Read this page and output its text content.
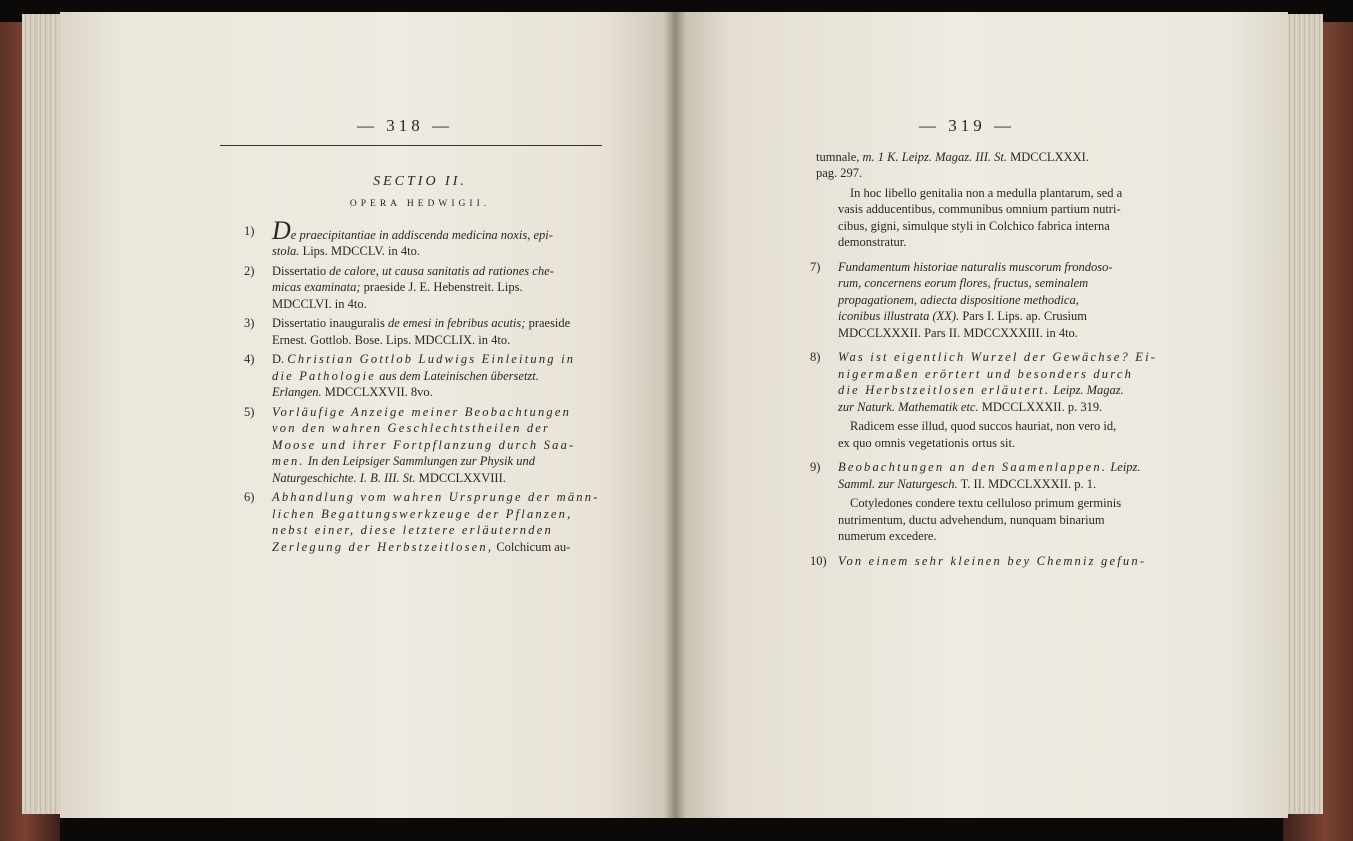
— 318 —
SECTIO II.
OPERA HEDWIGII.
1) De praecipitantiae in addiscenda medicina noxis, epi-
stola. Lips. MDCCLV. in 4to.
2)	Dissertatio de calore, ut causa sanitatis ad rationes che-
micas examinata; praeside J. E. Hebenstreit. Lips.
MDCCLVI. in 4to.
3)	Dissertatio inauguralis de emesi in febribus acutis; praeside
Ernest. Gottlob. Bose. Lips. MDCCLIX. in 4to.
4)	D. Christian Gottlob Ludwigs Einleitung in
die Pathologie aus dem Lateinischen übersetzt.
Erlangen. MDCCLXXVII. 8vo.
5)	Vorläufige Anzeige meiner Beobachtungen
von den wahren Geschlechtstheilen der
Moose und ihrer Fortpflanzung durch Saa-
men. In den Leipsiger Sammlungen zur Physik und
Naturgeschichte. I. B. III. St. MDCCLXXVIII.
6)	Abhandlung vom wahren Ursprunge der männ-
lichen Begattungswerkzeuge der Pflanzen,
nebst einer, diese letztere erläuternden
Zerlegung der Herbstzeitlosen, Colchicum au-
— 319 —
tumnale, m. 1 K. Leipz. Magaz. III. St. MDCCLXXXI.
pag. 297.
In hoc libello genitalia non a medulla plantarum, sed a
vasis adducentibus, communibus omnium partium nutri-
cibus, gigni, simulque styli in Colchico fabrica interna
demonstratur.
7)	Fundamentum historiae naturalis muscorum frondoso-
rum, concernens eorum flores, fructus, seminalem
propagationem, adiecta dispositione methodica,
iconibus illustrata (XX). Pars I. Lips. ap. Crusium
MDCCLXXXII. Pars II. MDCCXXXIII. in 4to.
8)	Was ist eigentlich Wurzel der Gewächse? Ei-
nigermaßen erörtert und besonders durch
die Herbstzeitlosen erläutert. Leipz. Magaz.
zur Naturk. Mathematik etc. MDCCLXXXII. p. 319.
Radicem esse illud, quod succos hauriat, non vero id,
ex quo omnis vegetationis ortus sit.
9)	Beobachtungen an den Saamenlappen. Leipz.
Samml. zur Naturgesch. T. II. MDCCLXXXII. p. 1.
Cotyledones condere textu celluloso primum germinis
nutrimentum, ductu advehendum, nunquam binarium
numerum excedere.
10) Von einem sehr kleinen bey Chemniz gefun-
